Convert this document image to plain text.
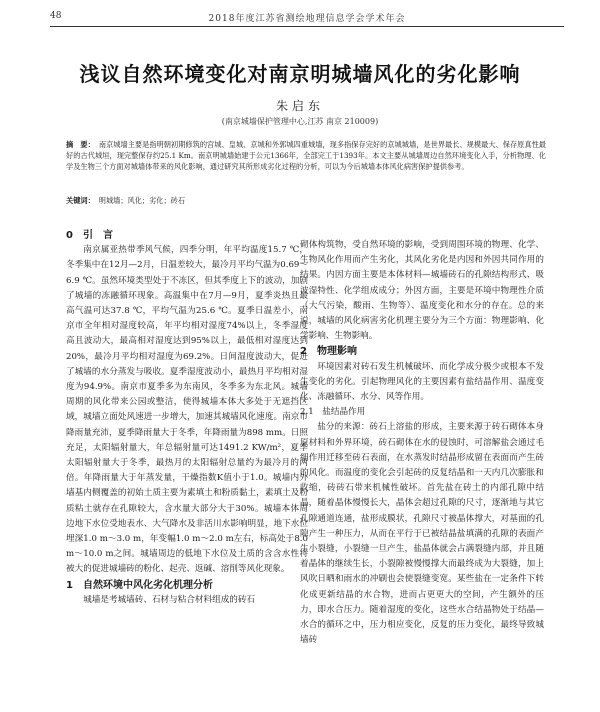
48	2018年度江苏省测绘地理信息学会学术年会
浅议自然环境变化对南京明城墙风化的劣化影响
朱启东
(南京城墙保护管理中心,江苏 南京 210009)
摘　要： 南京城墙主要是指明朝初期修筑的宫城、皇城、京城和外郭城四重城墙，现多指保存完好的京城城墙，是世界最长、规模最大、保存原真性最好的古代城垣，现完整保存约25.1 Km。南京明城墙始建于公元1366年，全部完工于1393年。本文主要从城墙周边自然环境变化入手，分析物理、化学及生物三个方面对城墙体带来的风化影响，通过研究其所形成劣化过程的分析，可以为今后城墙本体风化病害保护提供参考。
关键词： 明城墙；风化；劣化；砖石

0　引　言

南京属亚热带季风气候，四季分明，年平均温度15.7 ℃，冬季集中在12月—2月，日温差较大，最冷月平均气温为0.69～6.9 ℃。虽然环境类型处于不冻区，但其季度上下的波动，加剧了城墙的冻融循环现象。高温集中在7月—9月，夏季炎热且最高气温可达37.8 ℃，平均气温为25.6 ℃。夏季日温差小，南京市全年相对湿度较高，年平均相对湿度74%以上，冬季湿度高且波动大，最高相对湿度达到95%以上，最低相对湿度达到20%，最冷月平均相对湿度为69.2%。日间湿度波动大，促进了城墙的水分蒸发与吸收。夏季湿度波动小，最热月平均相对湿度为94.9%。南京市夏季多为东南风，冬季多为东北风。城墙周期的风化带来公园或整洁，使得城墙本体大多处于无遮挡区域，城墙立面处风速进一步增大，加速其城墙风化速度。南京市降雨量充沛，夏季降雨量大于冬季，年降雨量为898 mm。日照充足，太阳辐射量大，年总辐射量可达1491.2 KW/m²，夏季太阳辐射量大于冬季，最热月的太阳辐射总量约为最冷月的两倍。年降雨量大于年蒸发量，干燥指数K值小于1.0。城墙内外墙基内侧覆盖的初始土质主要为素填土和粉质黏土，素填土及粉质粘土就存在孔隙较大，含水量大部分大于30%。城墙本体周边地下水位受地表水、大气降水及非活川水影响明显，地下水位埋深1.0 m～3.0 m，年变幅1.0 m～2.0 m左右，标高处于8.0 m～10.0 m之间。城墙周边的低地下水位及土质的含含水性将被大的促进城墙砖的粉化、起壳、返碱、溶削等风化现象。

1　自然环境中风化劣化机理分析

城墙是考城墙砖、石材与粘合材料组成的砖石

砌体构筑物，受自然环境的影响，受到周围环境的物理、化学、生物风化作用而产生劣化，其风化劣化是内因和外因共同作用的结果。内因方面主要是本体材料—城墙砖石的孔隙结构形式、吸波湿特性、化学组成成分；外因方面，主要是环境中物理性介质（大气污染，酸雨、生物等）、温度变化和水分的存在。总的来说，城墙的风化病害劣化机理主要分为三个方面：物理影响、化学影响、生物影响。

2　物理影响

环境因素对砖石发生机械破坏、而化学成分极少或根本不发生变化的劣化。引起物理风化的主要因素有盐结晶作用、温度变化、冻融循环、水分、风等作用。

2.1　盐结晶作用

盐分的来源：砖石上溶盐的形成，主要来源于砖石砌体本身原材料和外界环境，砖石砌体在水的侵蚀时，可溶解盐会通过毛细作用迁移至砖石表面，在水蒸发时结晶形成留在表面而产生砖的风化。而温度的变化会引起砖的反复结晶和一天内几次膨胀和收缩，砖砖石带来机械性破坏。首先盐在砖土的内部孔隙中结晶，随着晶体慢慢长大，晶体会超过孔隙的尺寸，逐渐地与其它孔隙通道连通，盐形成膜状，孔隙尺寸被晶体撑大，对基面的孔隙产生一种压力，从而在平行于已被结晶盐填满的孔隙的表面产生小裂缝，小裂缝一旦产生，盐晶体就会占满裂缝内部，并且随着晶体的继续生长，小裂隙被慢慢撑大而最终成为大裂缝，加上风吹日晒和雨水的冲刷也会使裂缝变宽。某些盐在一定条件下转化成更新结晶的水合物，进而占更更大的空间，产生额外的压力，即水合压力。随着湿度的变化，这些水合结晶物处于结晶—水合的循环之中，压力相应变化，反复的压力变化，最终导致城墙砖
